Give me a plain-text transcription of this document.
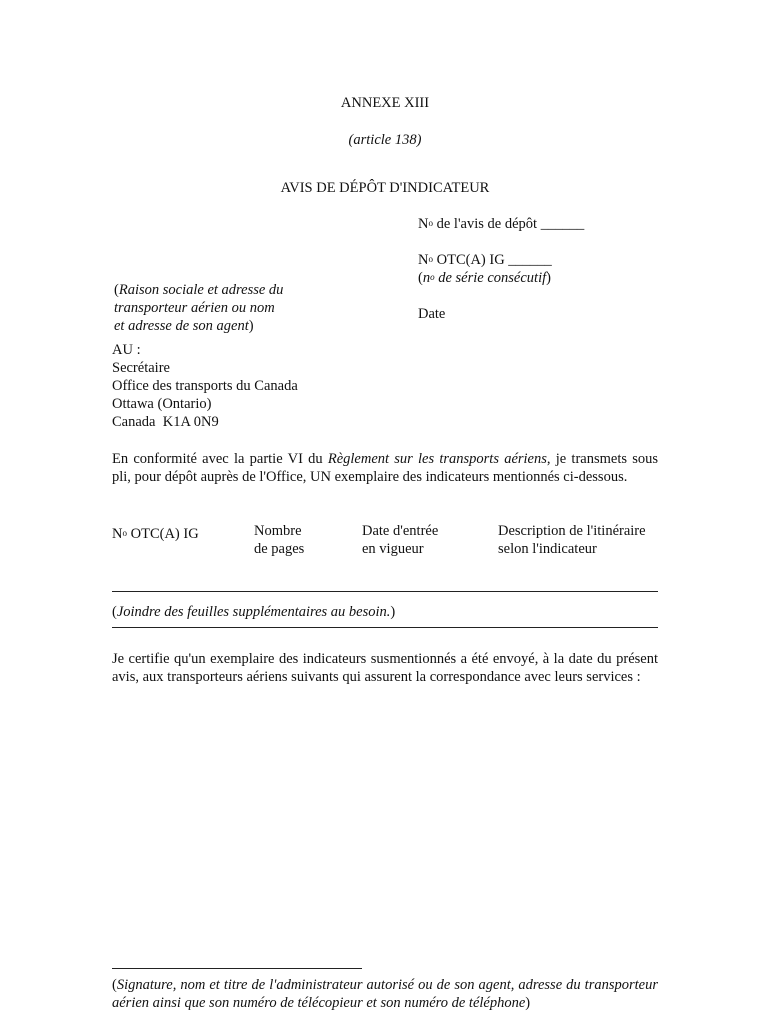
ANNEXE XIII
(article 138)
AVIS DE DÉPÔT D'INDICATEUR
$N^o$ de l'avis de dépôt ______
$N^o$ OTC(A) IG ______
($n^o$ de série consécutif)
Date
(Raison sociale et adresse du
transporteur aérien ou nom
et adresse de son agent)
AU :
Secrétaire
Office des transports du Canada
Ottawa (Ontario)
Canada  K1A 0N9
En conformité avec la partie VI du Règlement sur les transports aériens, je transmets sous pli, pour dépôt auprès de l'Office, UN exemplaire des indicateurs mentionnés ci-dessous.
$N^o$ OTC(A) IG	Nombre
de pages
Date d'entrée
en vigueur
Description de l'itinéraire
selon l'indicateur
(Joindre des feuilles supplémentaires au besoin.)
Je certifie qu'un exemplaire des indicateurs susmentionnés a été envoyé, à la date du présent avis, aux transporteurs aériens suivants qui assurent la correspondance avec leurs services :
(Signature, nom et titre de l'administrateur autorisé ou de son agent, adresse du transporteur aérien ainsi que son numéro de télécopieur et son numéro de téléphone)
